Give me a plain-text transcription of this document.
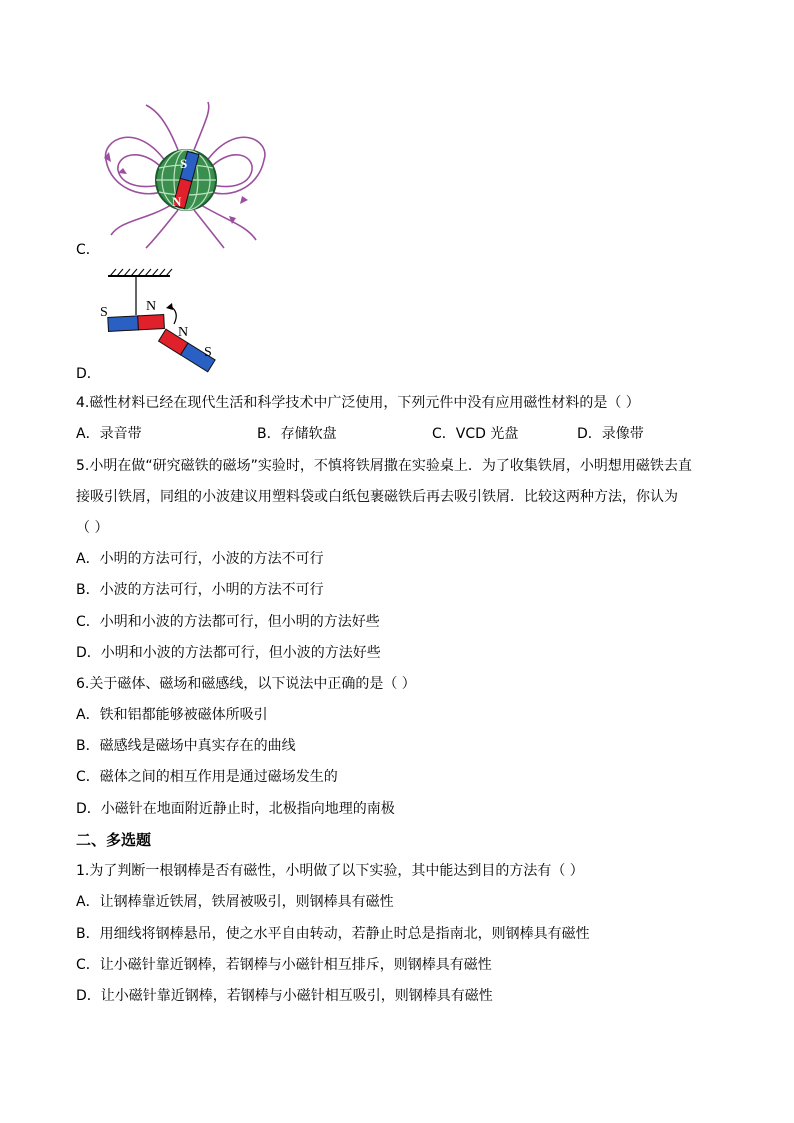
S
N
C．
S	N
N
S
D．
4.磁性材料已经在现代生活和科学技术中广泛使用，下列元件中没有应用磁性材料的是（ ）
A．录音带	B．存储软盘	C．VCD 光盘	D．录像带
5.小明在做“研究磁铁的磁场”实验时，不慎将铁屑撒在实验桌上．为了收集铁屑，小明想用磁铁去直
接吸引铁屑，同组的小波建议用塑料袋或白纸包裹磁铁后再去吸引铁屑．比较这两种方法，你认为
（ ）
A．小明的方法可行，小波的方法不可行
B．小波的方法可行，小明的方法不可行
C．小明和小波的方法都可行，但小明的方法好些
D．小明和小波的方法都可行，但小波的方法好些
6.关于磁体、磁场和磁感线，以下说法中正确的是（ ）
A．铁和铝都能够被磁体所吸引
B．磁感线是磁场中真实存在的曲线
C．磁体之间的相互作用是通过磁场发生的
D．小磁针在地面附近静止时，北极指向地理的南极
二、多选题
1.为了判断一根钢棒是否有磁性，小明做了以下实验，其中能达到目的方法有（ ）
A．让钢棒靠近铁屑，铁屑被吸引，则钢棒具有磁性
B．用细线将钢棒悬吊，使之水平自由转动，若静止时总是指南北，则钢棒具有磁性
C．让小磁针靠近钢棒，若钢棒与小磁针相互排斥，则钢棒具有磁性
D．让小磁针靠近钢棒，若钢棒与小磁针相互吸引，则钢棒具有磁性
